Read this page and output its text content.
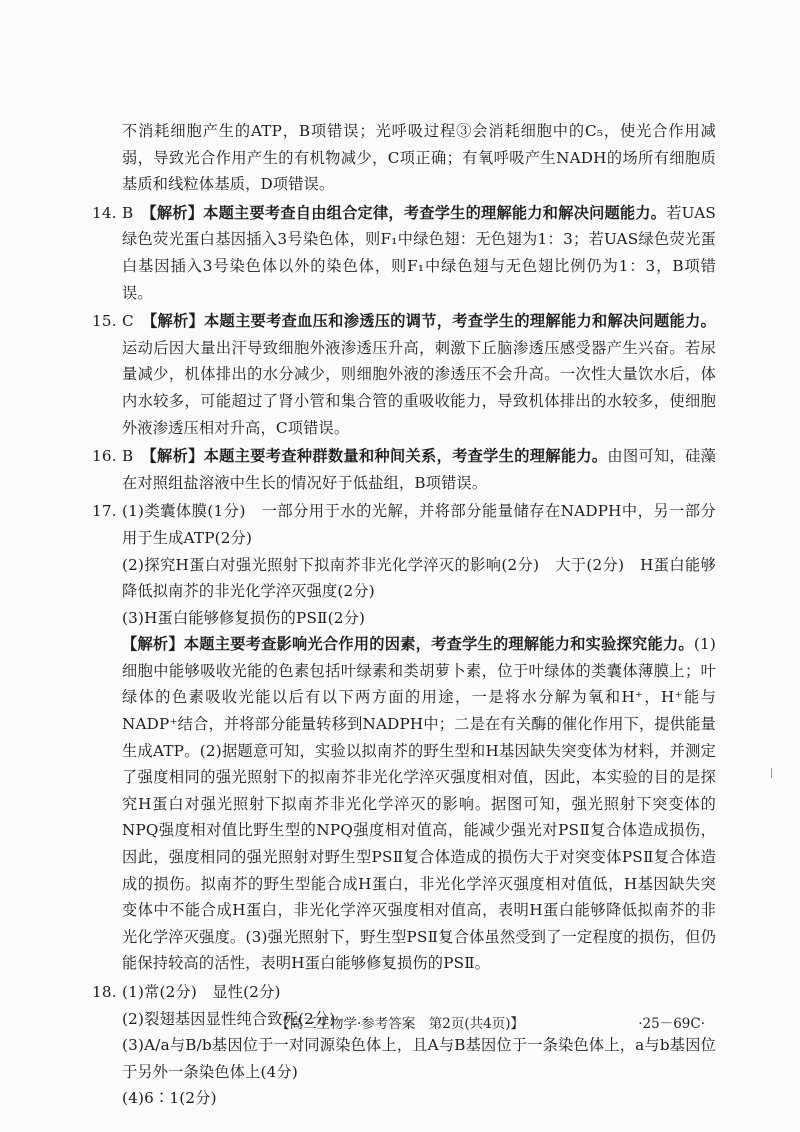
不消耗细胞产生的ATP，B项错误；光呼吸过程③会消耗细胞中的C₅，使光合作用减弱，导致光合作用产生的有机物减少，C项正确；有氧呼吸产生NADH的场所有细胞质基质和线粒体基质，D项错误。

14. B 【解析】本题主要考查自由组合定律，考查学生的理解能力和解决问题能力。若UAS绿色荧光蛋白基因插入3号染色体，则F₁中绿色翅：无色翅为1：3；若UAS绿色荧光蛋白基因插入3号染色体以外的染色体，则F₁中绿色翅与无色翅比例仍为1：3，B项错误。
15. C 【解析】本题主要考查血压和渗透压的调节，考查学生的理解能力和解决问题能力。运动后因大量出汗导致细胞外液渗透压升高，刺激下丘脑渗透压感受器产生兴奋。若尿量减少，机体排出的水分减少，则细胞外液的渗透压不会升高。一次性大量饮水后，体内水较多，可能超过了肾小管和集合管的重吸收能力，导致机体排出的水较多，使细胞外液渗透压相对升高，C项错误。
16. B 【解析】本题主要考查种群数量和种间关系，考查学生的理解能力。由图可知，硅藻在对照组盐溶液中生长的情况好于低盐组，B项错误。
17. (1)类囊体膜(1分)　一部分用于水的光解，并将部分能量储存在NADPH中，另一部分用于生成ATP(2分)
(2)探究H蛋白对强光照射下拟南芥非光化学淬灭的影响(2分)　大于(2分)　H蛋白能够降低拟南芥的非光化学淬灭强度(2分)
(3)H蛋白能够修复损伤的PSⅡ(2分)
【解析】本题主要考查影响光合作用的因素，考查学生的理解能力和实验探究能力。(1)细胞中能够吸收光能的色素包括叶绿素和类胡萝卜素，位于叶绿体的类囊体薄膜上；叶绿体的色素吸收光能以后有以下两方面的用途，一是将水分解为氧和H⁺，H⁺能与NADP⁺结合，并将部分能量转移到NADPH中；二是在有关酶的催化作用下，提供能量生成ATP。(2)据题意可知，实验以拟南芥的野生型和H基因缺失突变体为材料，并测定了强度相同的强光照射下的拟南芥非光化学淬灭强度相对值，因此，本实验的目的是探究H蛋白对强光照射下拟南芥非光化学淬灭的影响。据图可知，强光照射下突变体的NPQ强度相对值比野生型的NPQ强度相对值高，能减少强光对PSⅡ复合体造成损伤，因此，强度相同的强光照射对野生型PSⅡ复合体造成的损伤大于对突变体PSⅡ复合体造成的损伤。拟南芥的野生型能合成H蛋白，非光化学淬灭强度相对值低，H基因缺失突变体中不能合成H蛋白，非光化学淬灭强度相对值高，表明H蛋白能够降低拟南芥的非光化学淬灭强度。(3)强光照射下，野生型PSⅡ复合体虽然受到了一定程度的损伤，但仍能保持较高的活性，表明H蛋白能够修复损伤的PSⅡ。
18. (1)常(2分)　显性(2分)
(2)裂翅基因显性纯合致死(2分)
(3)A/a与B/b基因位于一对同源染色体上，且A与B基因位于一条染色体上，a与b基因位于另外一条染色体上(4分)
(4)6∶1(2分)
【高三生物学·参考答案　第2页(共4页)】	·25－69C·
